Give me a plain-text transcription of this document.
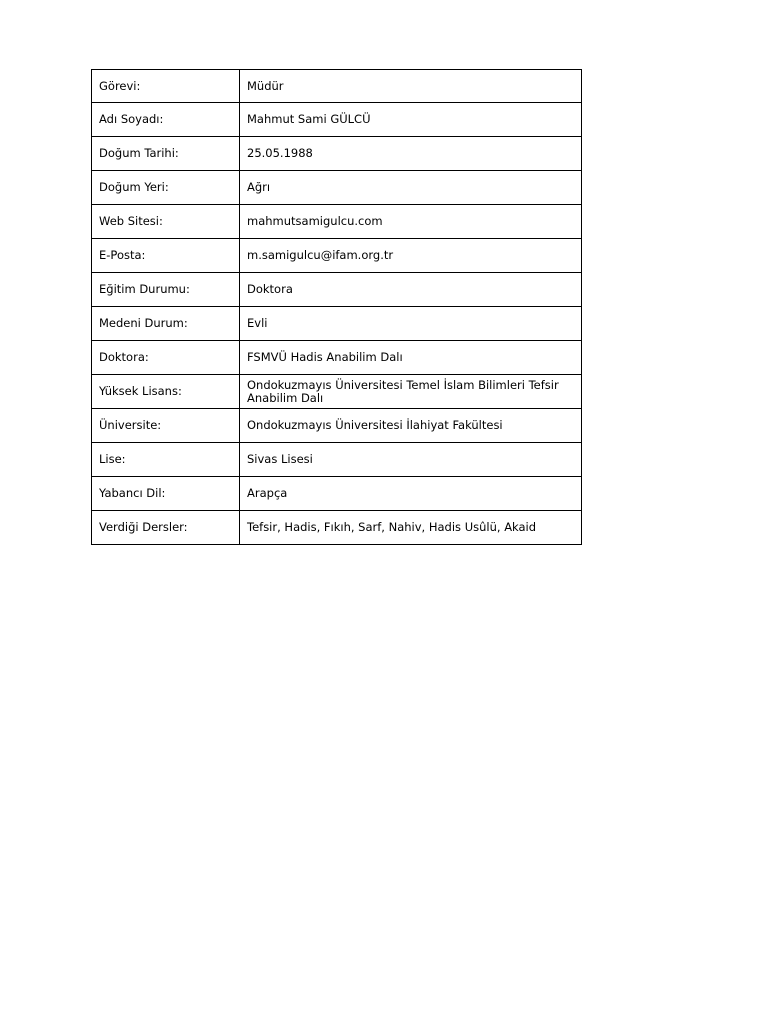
Görevi:	Müdür
Adı Soyadı:	Mahmut Sami GÜLCÜ
Doğum Tarihi:	25.05.1988
Doğum Yeri:	Ağrı
Web Sitesi:	mahmutsamigulcu.com
E-Posta:	m.samigulcu@ifam.org.tr
Eğitim Durumu:	Doktora
Medeni Durum:	Evli
Doktora:	FSMVÜ Hadis Anabilim Dalı
Yüksek Lisans:	Ondokuzmayıs Üniversitesi Temel İslam Bilimleri Tefsir Anabilim Dalı
Üniversite:	Ondokuzmayıs Üniversitesi İlahiyat Fakültesi
Lise:	Sivas Lisesi
Yabancı Dil:	Arapça
Verdiği Dersler:	Tefsir, Hadis, Fıkıh, Sarf, Nahiv, Hadis Usûlü, Akaid
